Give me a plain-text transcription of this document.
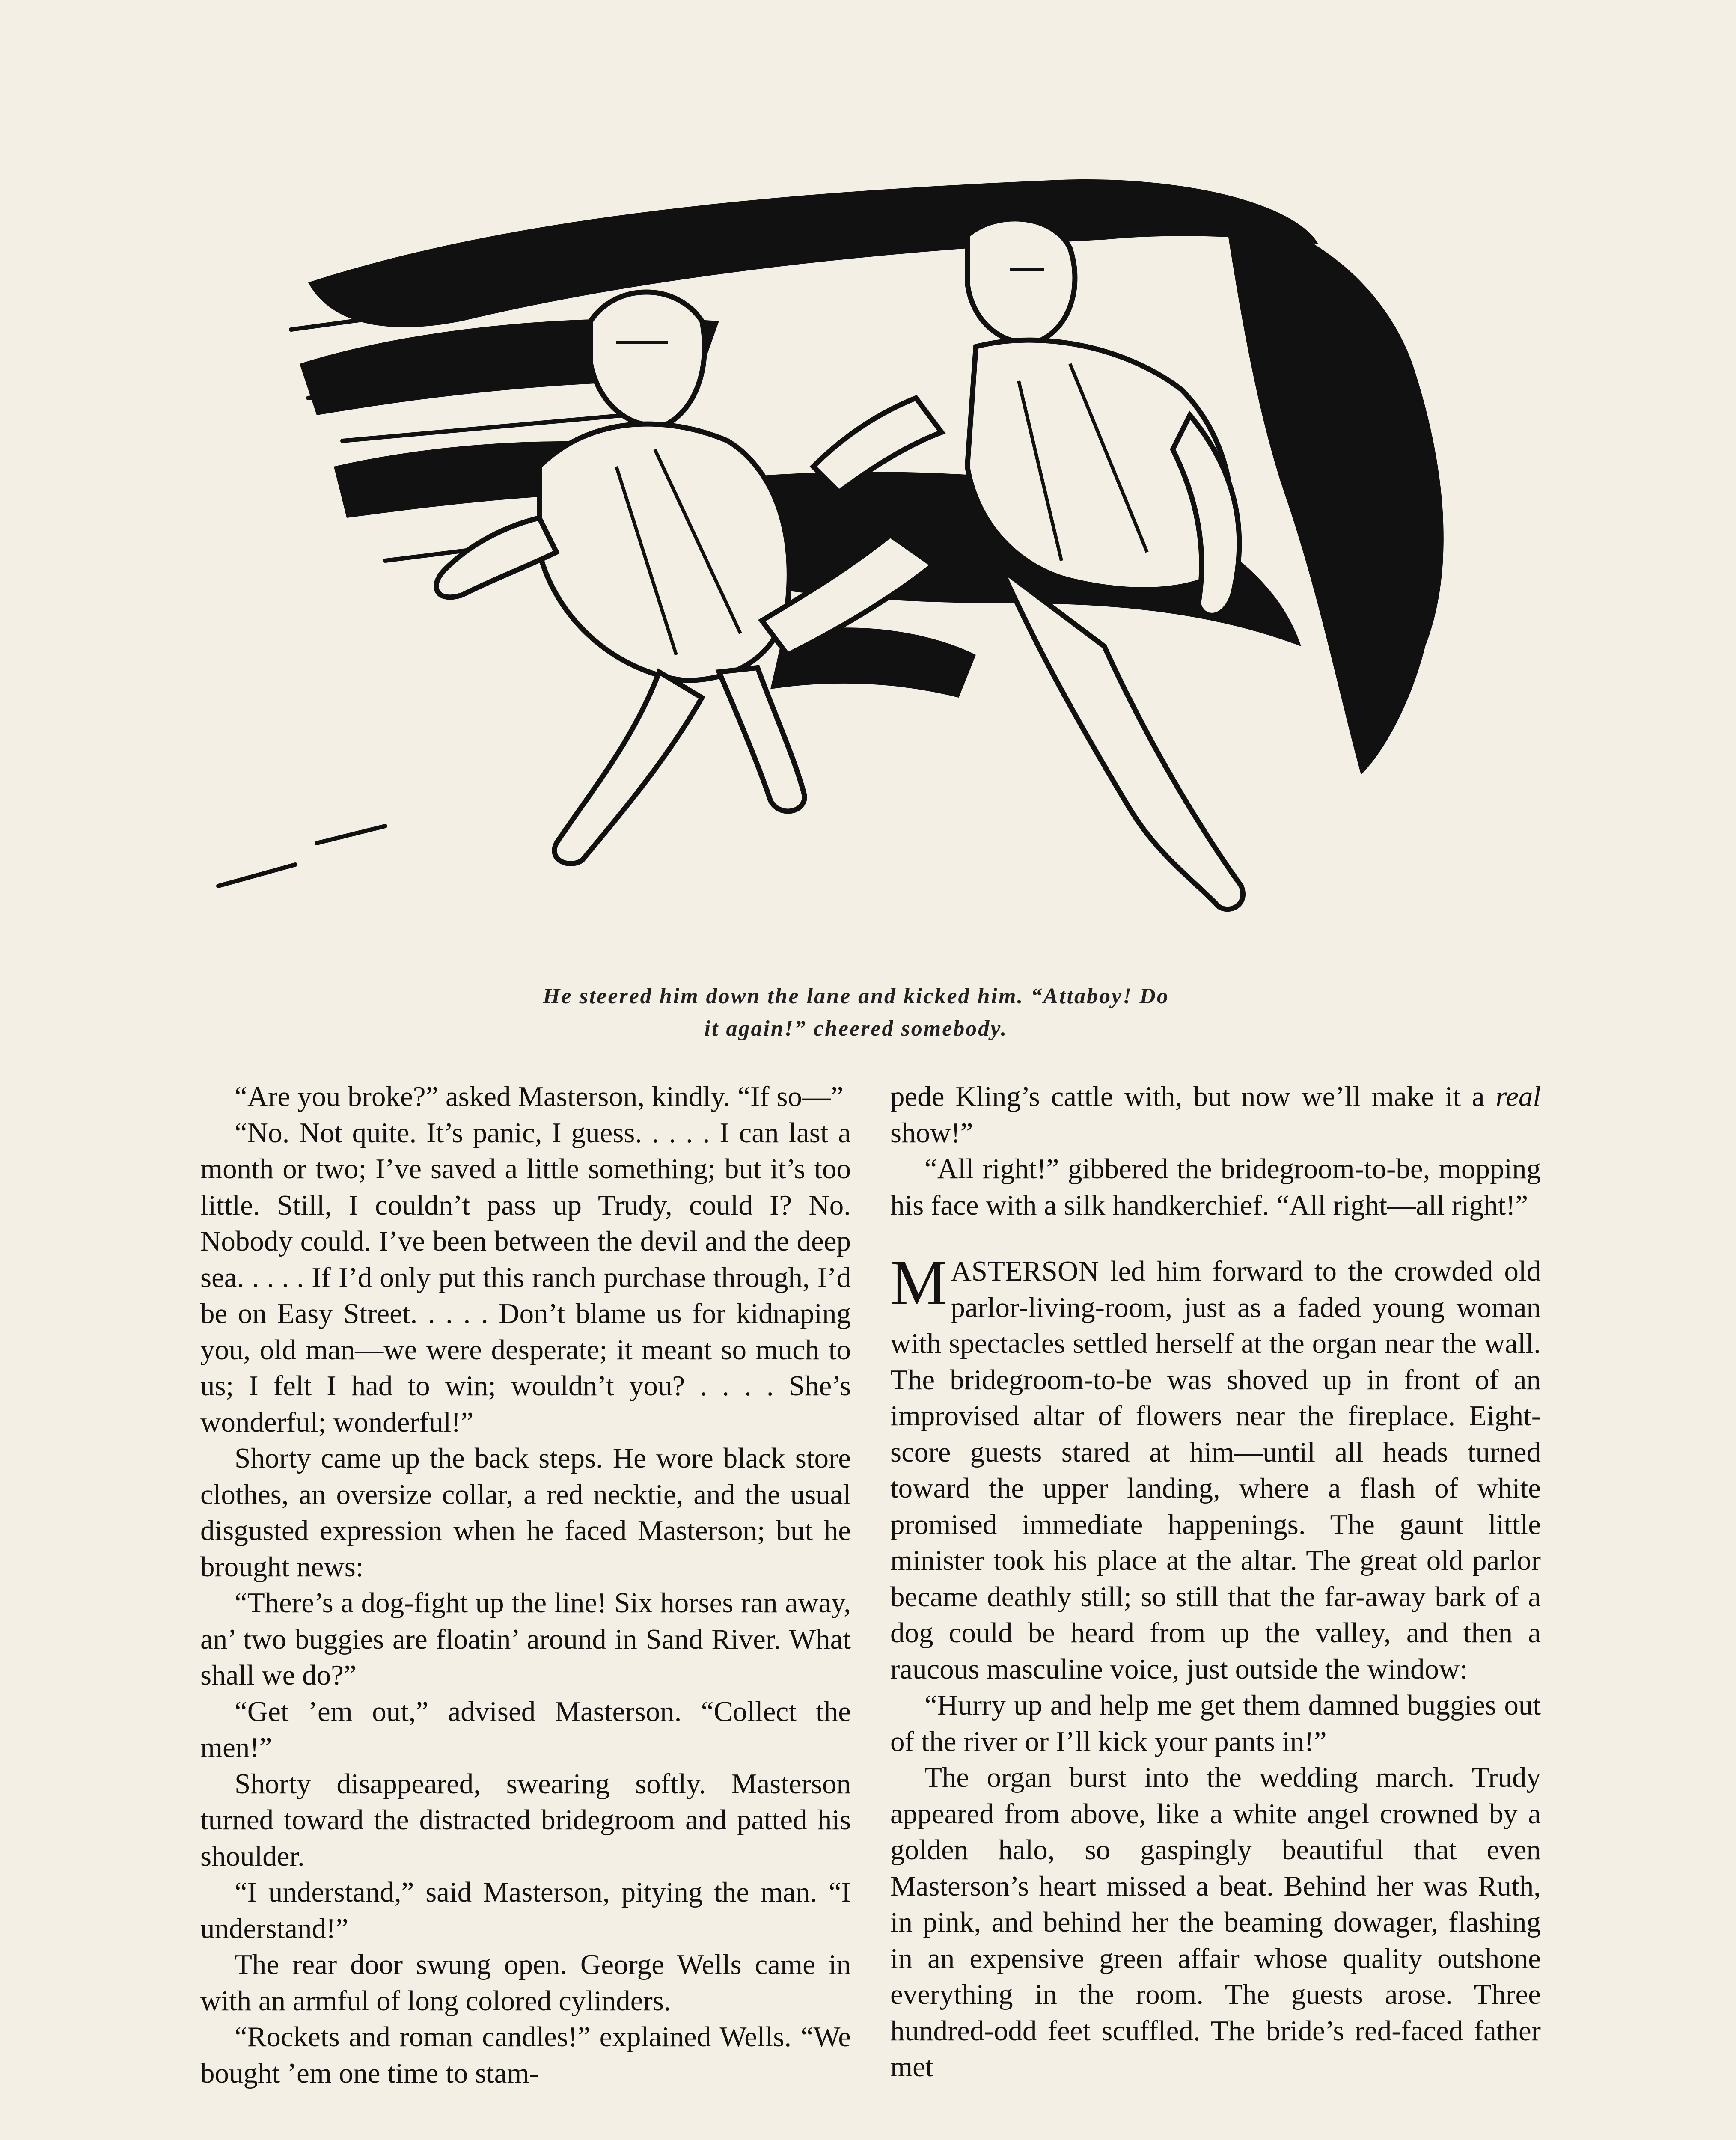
He steered him down the lane and kicked him. “Attaboy! Do
it again!” cheered somebody.

“Are you broke?” asked Masterson, kindly. “If so—”

“No. Not quite. It’s panic, I guess. . . . . I can last a month or two; I’ve saved a little something; but it’s too little. Still, I couldn’t pass up Trudy, could I? No. Nobody could. I’ve been between the devil and the deep sea. . . . . If I’d only put this ranch purchase through, I’d be on Easy Street. . . . . Don’t blame us for kidnaping you, old man—we were desperate; it meant so much to us; I felt I had to win; wouldn’t you? . . . . She’s wonderful; wonderful!”

Shorty came up the back steps. He wore black store clothes, an oversize collar, a red necktie, and the usual disgusted expression when he faced Masterson; but he brought news:

“There’s a dog-fight up the line! Six horses ran away, an’ two buggies are floatin’ around in Sand River. What shall we do?”

“Get ’em out,” advised Masterson. “Collect the men!”

Shorty disappeared, swearing softly. Masterson turned toward the distracted bridegroom and patted his shoulder.

“I understand,” said Masterson, pitying the man. “I understand!”

The rear door swung open. George Wells came in with an armful of long colored cylinders.

“Rockets and roman candles!” explained Wells. “We bought ’em one time to stam-

pede Kling’s cattle with, but now we’ll make it a real show!”

“All right!” gibbered the bridegroom-to-be, mopping his face with a silk handkerchief. “All right—all right!”

MASTERSON led him forward to the crowded old parlor-living-room, just as a faded young woman with spectacles settled herself at the organ near the wall. The bridegroom-to-be was shoved up in front of an improvised altar of flowers near the fireplace. Eight-score guests stared at him—until all heads turned toward the upper landing, where a flash of white promised immediate happenings. The gaunt little minister took his place at the altar. The great old parlor became deathly still; so still that the far-away bark of a dog could be heard from up the valley, and then a raucous masculine voice, just outside the window:

“Hurry up and help me get them damned buggies out of the river or I’ll kick your pants in!”

The organ burst into the wedding march. Trudy appeared from above, like a white angel crowned by a golden halo, so gaspingly beautiful that even Masterson’s heart missed a beat. Behind her was Ruth, in pink, and behind her the beaming dowager, flashing in an expensive green affair whose quality outshone everything in the room. The guests arose. Three hundred-odd feet scuffled. The bride’s red-faced father met
